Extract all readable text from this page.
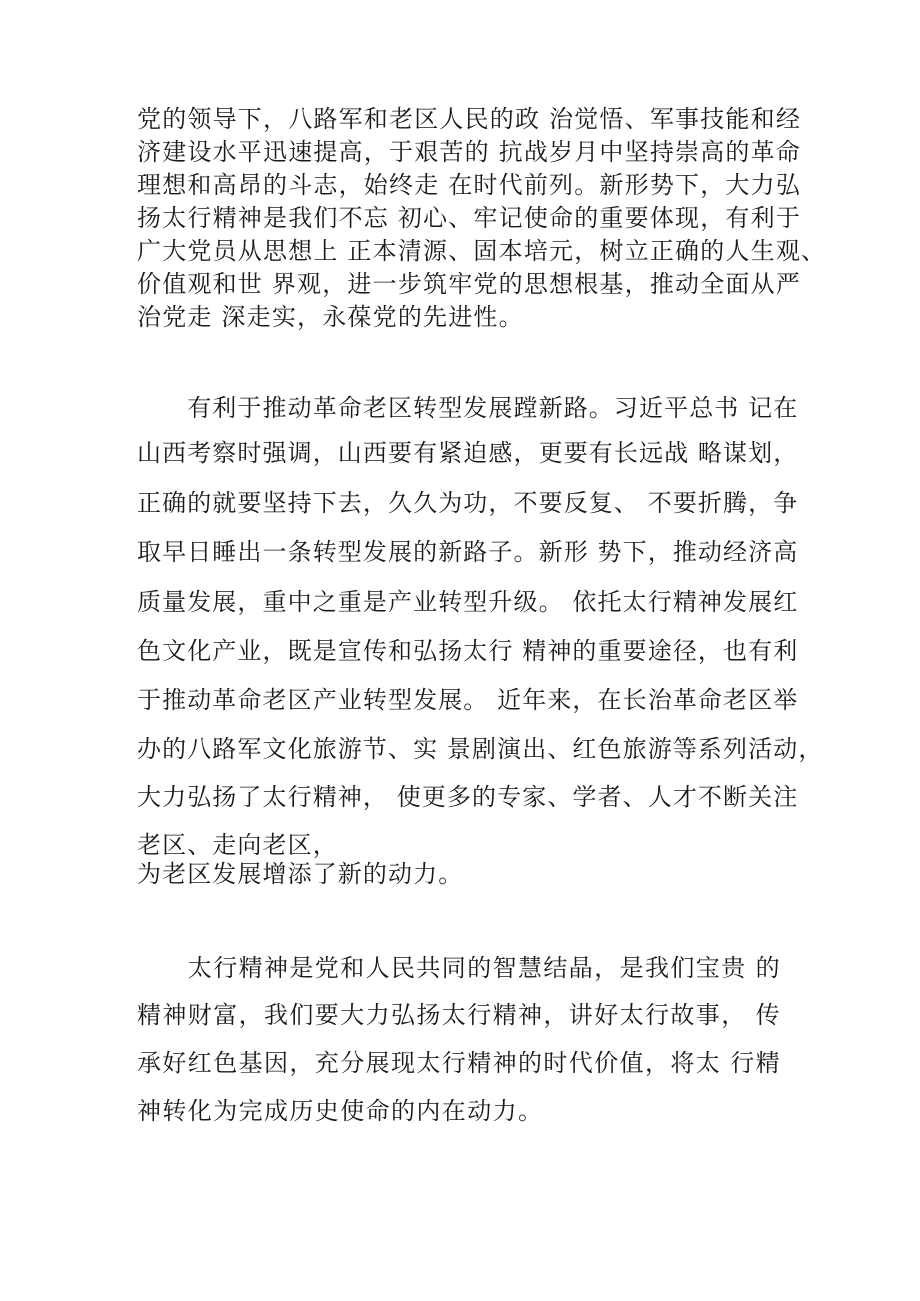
党的领导下，八路军和老区人民的政 治觉悟、军事技能和经
济建设水平迅速提高，于艰苦的 抗战岁月中坚持崇高的革命
理想和高昂的斗志，始终走 在时代前列。新形势下，大力弘
扬太行精神是我们不忘 初心、牢记使命的重要体现，有利于
广大党员从思想上 正本清源、固本培元，树立正确的人生观、
价值观和世 界观，进一步筑牢党的思想根基，推动全面从严
治党走 深走实，永葆党的先进性。
　　有利于推动革命老区转型发展蹚新路。习近平总书 记在
山西考察时强调，山西要有紧迫感，更要有长远战 略谋划，
正确的就要坚持下去，久久为功，不要反复、 不要折腾，争
取早日睡出一条转型发展的新路子。新形 势下，推动经济高
质量发展，重中之重是产业转型升级。 依托太行精神发展红
色文化产业，既是宣传和弘扬太行 精神的重要途径，也有利
于推动革命老区产业转型发展。 近年来，在长治革命老区举
办的八路军文化旅游节、实 景剧演出、红色旅游等系列活动，
大力弘扬了太行精神， 使更多的专家、学者、人才不断关注
老区、走向老区，
为老区发展增添了新的动力。
　　太行精神是党和人民共同的智慧结晶，是我们宝贵 的
精神财富，我们要大力弘扬太行精神，讲好太行故事， 传
承好红色基因，充分展现太行精神的时代价值，将太 行精
神转化为完成历史使命的内在动力。
